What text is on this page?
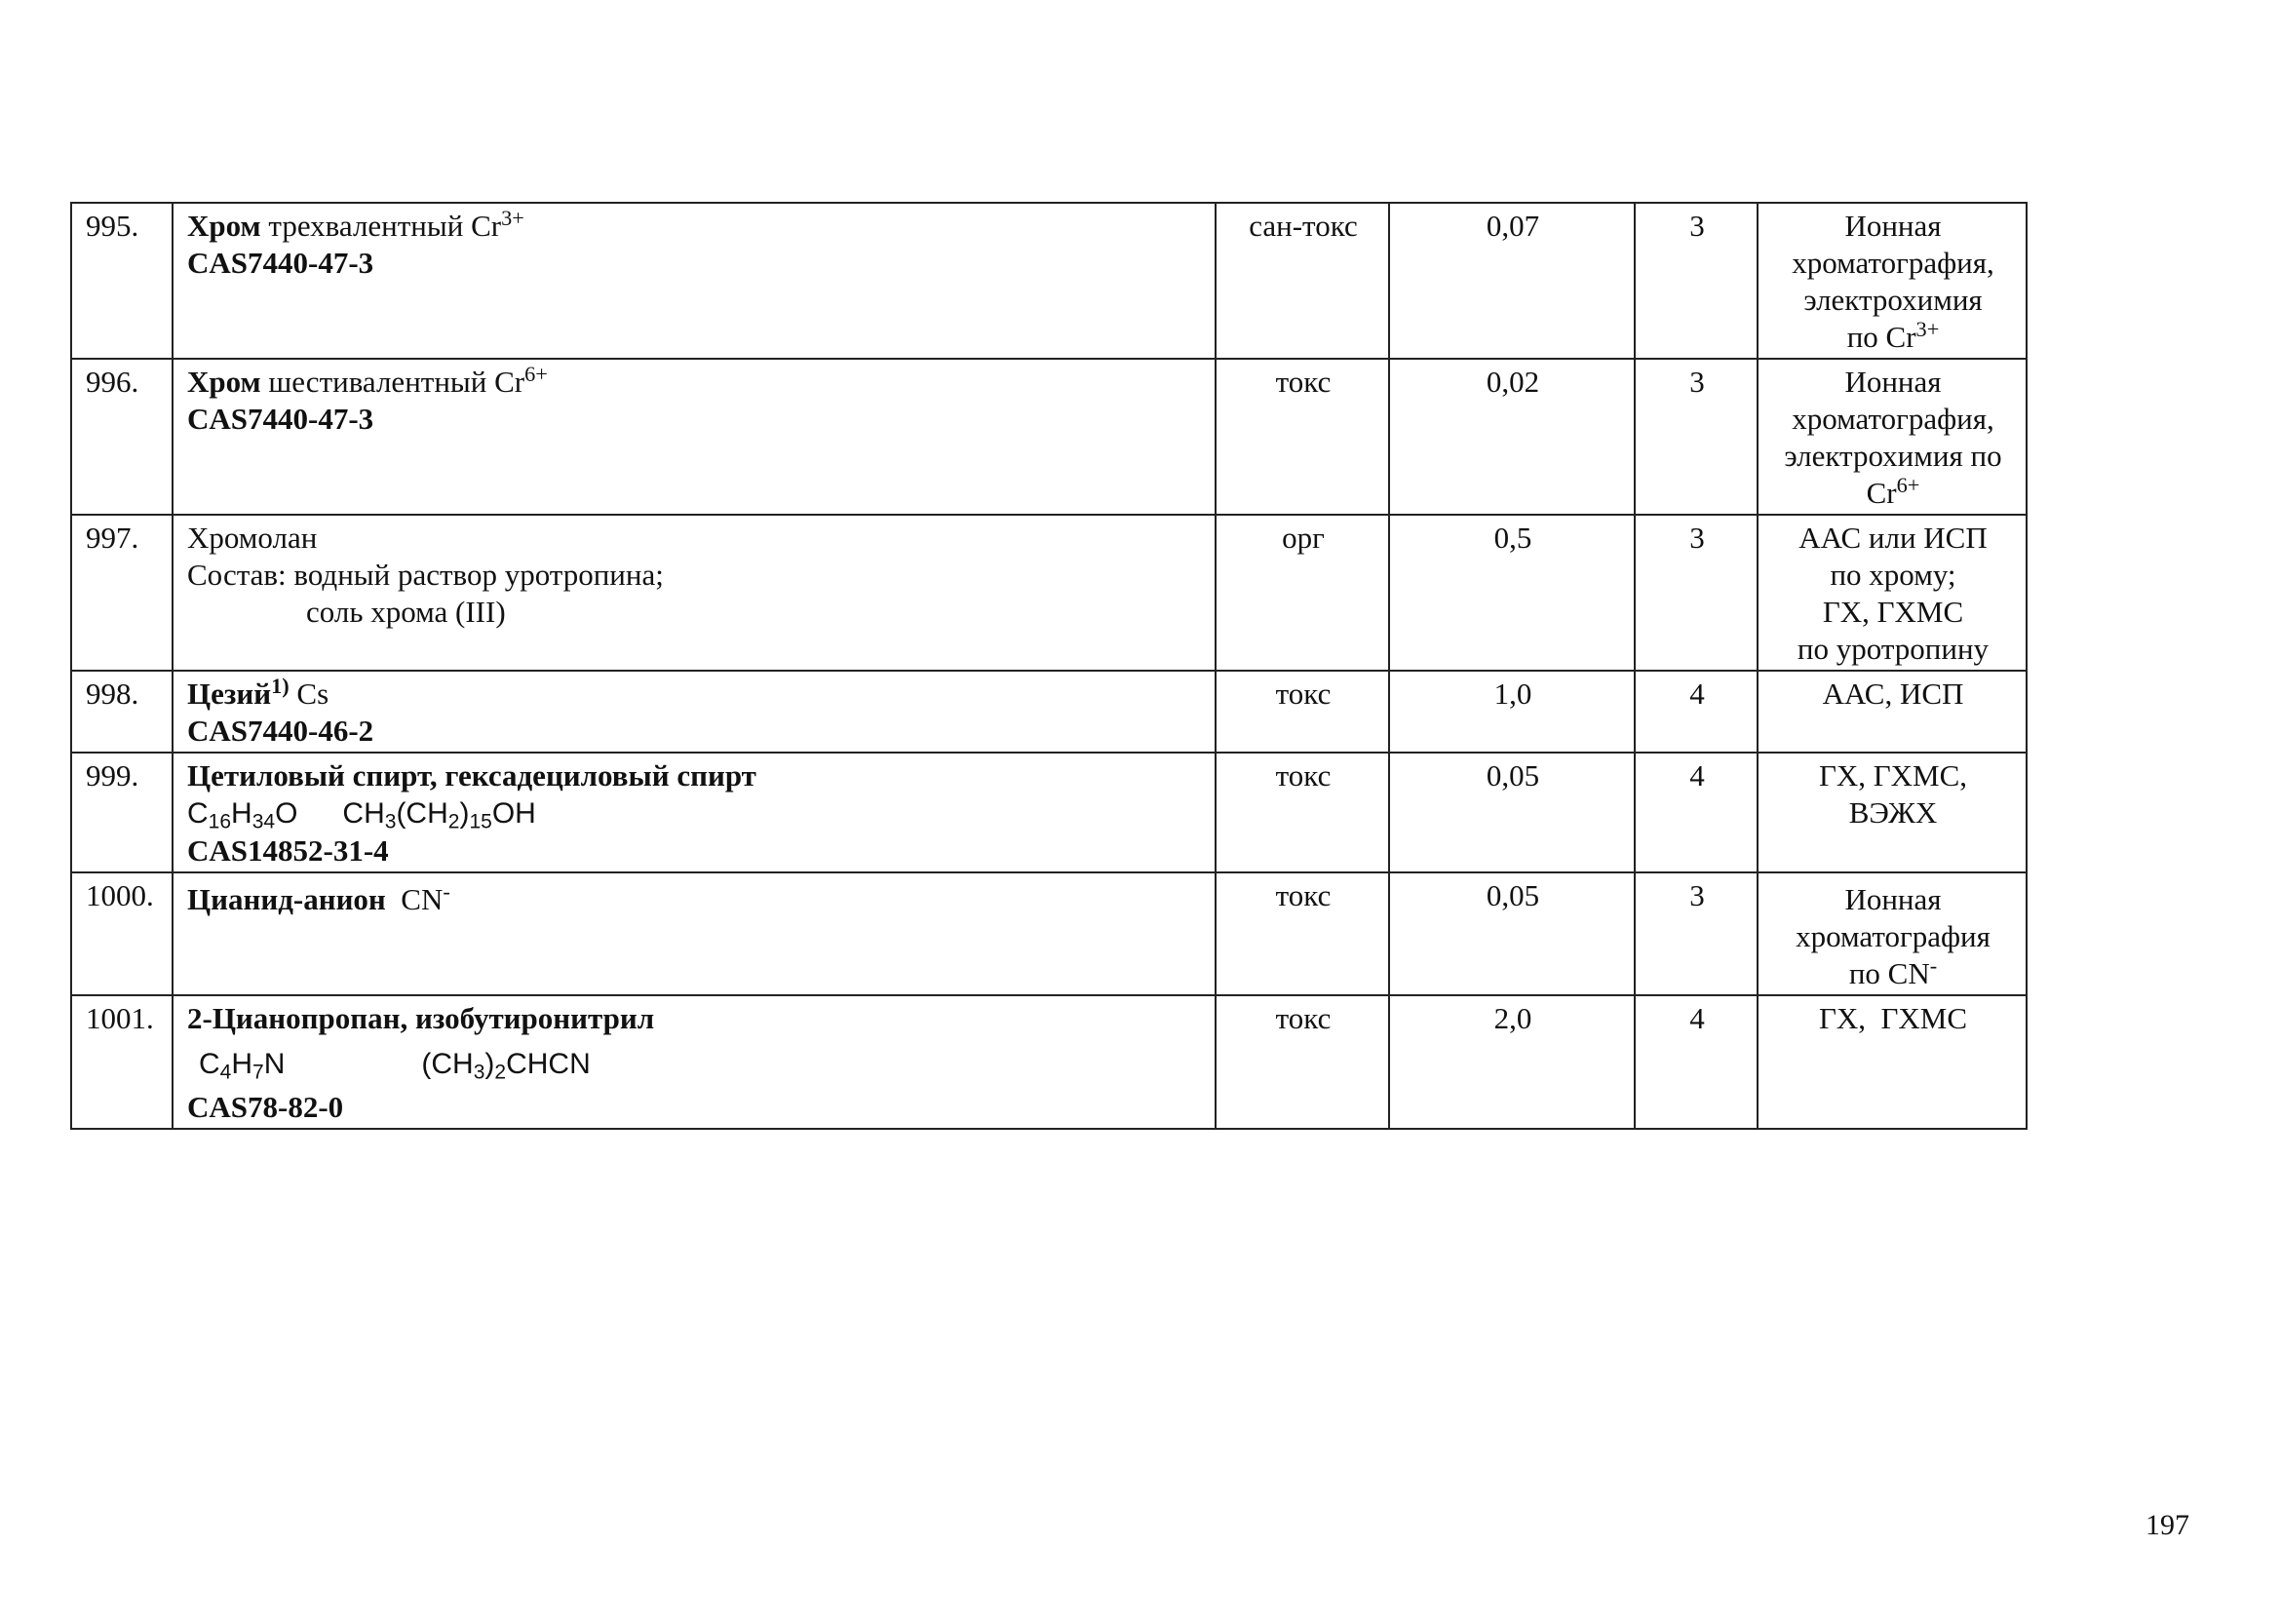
995.	Хром трехвалентный $Cr^{3+}$
CAS7440-47-3	сан-токс	0,07	3	Ионная
хроматография,
электрохимия
по $Cr^{3+}$

996.	Хром шестивалентный $Cr^{6+}$
CAS7440-47-3	токс	0,02	3	Ионная
хроматография,
электрохимия по
$Cr^{6+}$

997.	Хромолан
Состав: водный раствор уротропина;
соль хрома (III)	орг	0,5	3	ААС или ИСП
по хрому;
ГХ, ГХМС
по уротропину

998.	Цезий$^{1)}$ Cs
CAS7440-46-2	токс	1,0	4	ААС, ИСП
999.	Цетиловый спирт, гексадециловый спирт
$C_{16}H_{34}O$ $CH_3(CH_2)_{15}OH$
CAS14852-31-4	токс	0,05	4	ГХ, ГХМС,
ВЭЖХ

1000.	Цианид-анион  CN-	токс	0,05	3	Ионная
хроматография
по CN-

1001.	2-Цианопропан, изобутиронитрил
$C_4H_7N$ $(CH_3)_2CHCN$
CAS78-82-0	токс	2,0	4	ГХ,  ГХМС
197
